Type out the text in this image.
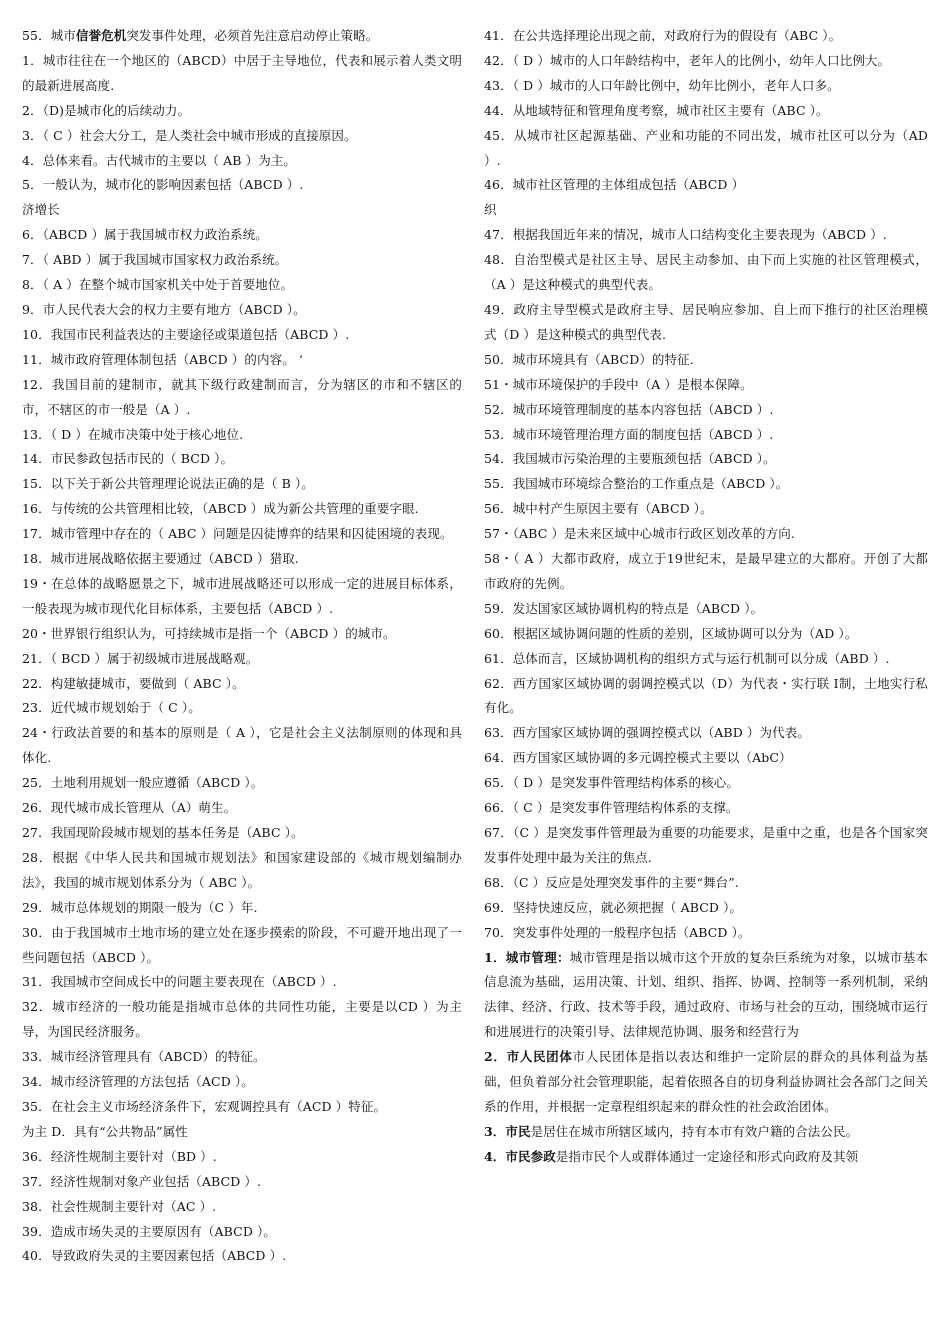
55．城市信誉危机突发事件处理，必须首先注意启动停止策略。

1．城市往往在一个地区的（ABCD）中居于主导地位，代表和展示着人类文明的最新进展高度.

2．（D)是城市化的后续动力。

3．（ C ）社会大分工，是人类社会中城市形成的直接原因。

4．总体来看。古代城市的主要以（ AB ）为主。

5．一般认为，城市化的影响因素包括（ABCD ）.

济增长

6．（ABCD ）属于我国城市权力政治系统。

7．（ ABD ）属于我国城市国家权力政治系统。

8．（ A ）在整个城市国家机关中处于首要地位。

9．市人民代表大会的权力主要有地方（ABCD ）。

10．我国市民利益表达的主要途径或渠道包括（ABCD ）.

11．城市政府管理体制包括（ABCD ）的内容。 ‘

12．我国目前的建制市，就其下级行政建制而言，分为辖区的市和不辖区的市，不辖区的市一般是（A ）.

13．（ D ）在城市决策中处于核心地位.

14．市民参政包括市民的（ BCD ）。

15．以下关于新公共管理理论说法正确的是（ B ）。

16．与传统的公共管理相比较，（ABCD ）成为新公共管理的重要字眼.

17．城市管理中存在的（ ABC ）问题是囚徒博弈的结果和囚徒困境的表现。

18．城市进展战略依据主要通过（ABCD ）猎取.

19・在总体的战略愿景之下，城市进展战略还可以形成一定的进展目标体系，一般表现为城市现代化目标体系，主要包括（ABCD ）.

20・世界银行组织认为，可持续城市是指一个（ABCD ）的城市。

21．（ BCD ）属于初级城市进展战略观。

22．构建敏捷城市，要做到（ ABC ）。

23．近代城市规划始于（ C ）。

24・行政法首要的和基本的原则是（ A ），它是社会主义法制原则的体现和具体化.

25．土地利用规划一般应遵循（ABCD ）。

26．现代城市成长管理从（A）萌生。

27．我国现阶段城市规划的基本任务是（ABC ）。

28．根据《中华人民共和国城市规划法》和国家建设部的《城市规划编制办法》，我国的城市规划体系分为（ ABC ）。

29．城市总体规划的期限一般为（C ）年.

30．由于我国城市土地市场的建立处在逐步摸索的阶段，不可避开地出现了一些问题包括（ABCD ）。

31．我国城市空间成长中的问题主要表现在（ABCD ）.

32．城市经济的一般功能是指城市总体的共同性功能，主要是以CD ）为主导，为国民经济服务。

33．城市经济管理具有（ABCD）的特征。

34．城市经济管理的方法包括（ACD ）。

35．在社会主义市场经济条件下，宏观调控具有（ACD ）特征。

为主 D．具有“公共物品”属性

36．经济性规制主要针对（BD ）.

37．经济性规制对象产业包括（ABCD ）.

38．社会性规制主要针对（AC ）.

39．造成市场失灵的主要原因有（ABCD ）。

40．导致政府失灵的主要因素包括（ABCD ）.

41．在公共选择理论出现之前，对政府行为的假设有（ABC ）。

42．（ D ）城市的人口年龄结构中，老年人的比例小，幼年人口比例大。

43．（ D ）城市的人口年龄比例中，幼年比例小，老年人口多。

44．从地域特征和管理角度考察，城市社区主要有（ABC ）。

45．从城市社区起源基础、产业和功能的不同出发，城市社区可以分为（AD ）.

46．城市社区管理的主体组成包括（ABCD ）

织

47．根据我国近年来的情况，城市人口结构变化主要表现为（ABCD ）.

48．自治型模式是社区主导、居民主动参加、由下而上实施的社区管理模式，（A ）是这种模式的典型代表。

49．政府主导型模式是政府主导、居民响应参加、自上而下推行的社区治理模式（D ）是这种模式的典型代表.

50．城市环境具有（ABCD）的特征.

51・城市环境保护的手段中（A ）是根本保障。

52．城市环境管理制度的基本内容包括（ABCD ）.

53．城市环境管理治理方面的制度包括（ABCD ）.

54．我国城市污染治理的主要瓶颈包括（ABCD ）。

55．我国城市环境综合整治的工作重点是（ABCD ）。

56．城中村产生原因主要有（ABCD ）。

57・（ABC ）是未来区域中心城市行政区划改革的方向.

58・（ A ）大都市政府，成立于19世纪末，是最早建立的大都府。开创了大都市政府的先例。

59．发达国家区域协调机构的特点是（ABCD ）。

60．根据区域协调问题的性质的差别，区域协调可以分为（AD ）。

61．总体而言，区域协调机构的组织方式与运行机制可以分成（ABD ）.

62．西方国家区域协调的弱调控模式以（D）为代表・实行联 I制，土地实行私有化。

63．西方国家区域协调的强调控模式以（ABD ）为代表。

64．西方国家区域协调的多元调控模式主要以（AbC）

65．（ D ）是突发事件管理结构体系的核心。

66．（ C ）是突发事件管理结构体系的支撑。

67．（C ）是突发事件管理最为重要的功能要求，是重中之重，也是各个国家突发事件处理中最为关注的焦点.

68．（C ）反应是处理突发事件的主要“舞台”.

69．坚持快速反应，就必须把握（ ABCD ）。

70．突发事件处理的一般程序包括（ABCD ）。

1．城市管理：城市管理是指以城市这个开放的复杂巨系统为对象，以城市基本信息流为基础，运用决策、计划、组织、指挥、协调、控制等一系列机制，采纳法律、经济、行政、技术等手段，通过政府、市场与社会的互动，围绕城市运行和进展进行的决策引导、法律规范协调、服务和经营行为

2．市人民团体市人民团体是指以表达和维护一定阶层的群众的具体利益为基础，但负着部分社会管理职能，起着依照各自的切身利益协调社会各部门之间关系的作用，并根据一定章程组织起来的群众性的社会政治团体。

3．市民是居住在城市所辖区域内，持有本市有效户籍的合法公民。

4．市民参政是指市民个人或群体通过一定途径和形式向政府及其领
